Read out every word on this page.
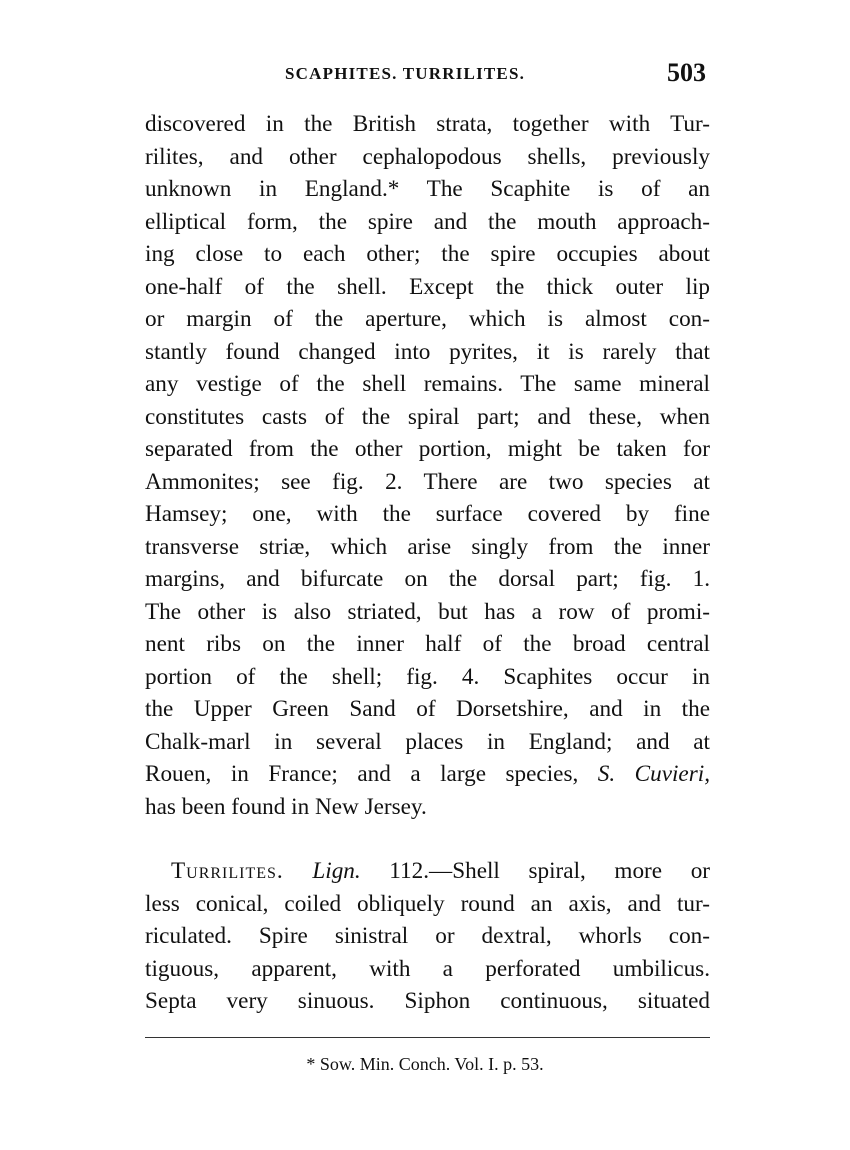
SCAPHITES. TURRILITES.	503
discovered in the British strata, together with Tur-
rilites, and other cephalopodous shells, previously
unknown in England.* The Scaphite is of an
elliptical form, the spire and the mouth approach-
ing close to each other; the spire occupies about
one-half of the shell. Except the thick outer lip
or margin of the aperture, which is almost con-
stantly found changed into pyrites, it is rarely that
any vestige of the shell remains. The same mineral
constitutes casts of the spiral part; and these, when
separated from the other portion, might be taken for
Ammonites; see fig. 2. There are two species at
Hamsey; one, with the surface covered by fine
transverse striæ, which arise singly from the inner
margins, and bifurcate on the dorsal part; fig. 1.
The other is also striated, but has a row of promi-
nent ribs on the inner half of the broad central
portion of the shell; fig. 4. Scaphites occur in
the Upper Green Sand of Dorsetshire, and in the
Chalk-marl in several places in England; and at
Rouen, in France; and a large species, S. Cuvieri,
has been found in New Jersey.
Turrilites. Lign. 112.—Shell spiral, more or
less conical, coiled obliquely round an axis, and tur-
riculated. Spire sinistral or dextral, whorls con-
tiguous, apparent, with a perforated umbilicus.
Septa very sinuous. Siphon continuous, situated
* Sow. Min. Conch. Vol. I. p. 53.
